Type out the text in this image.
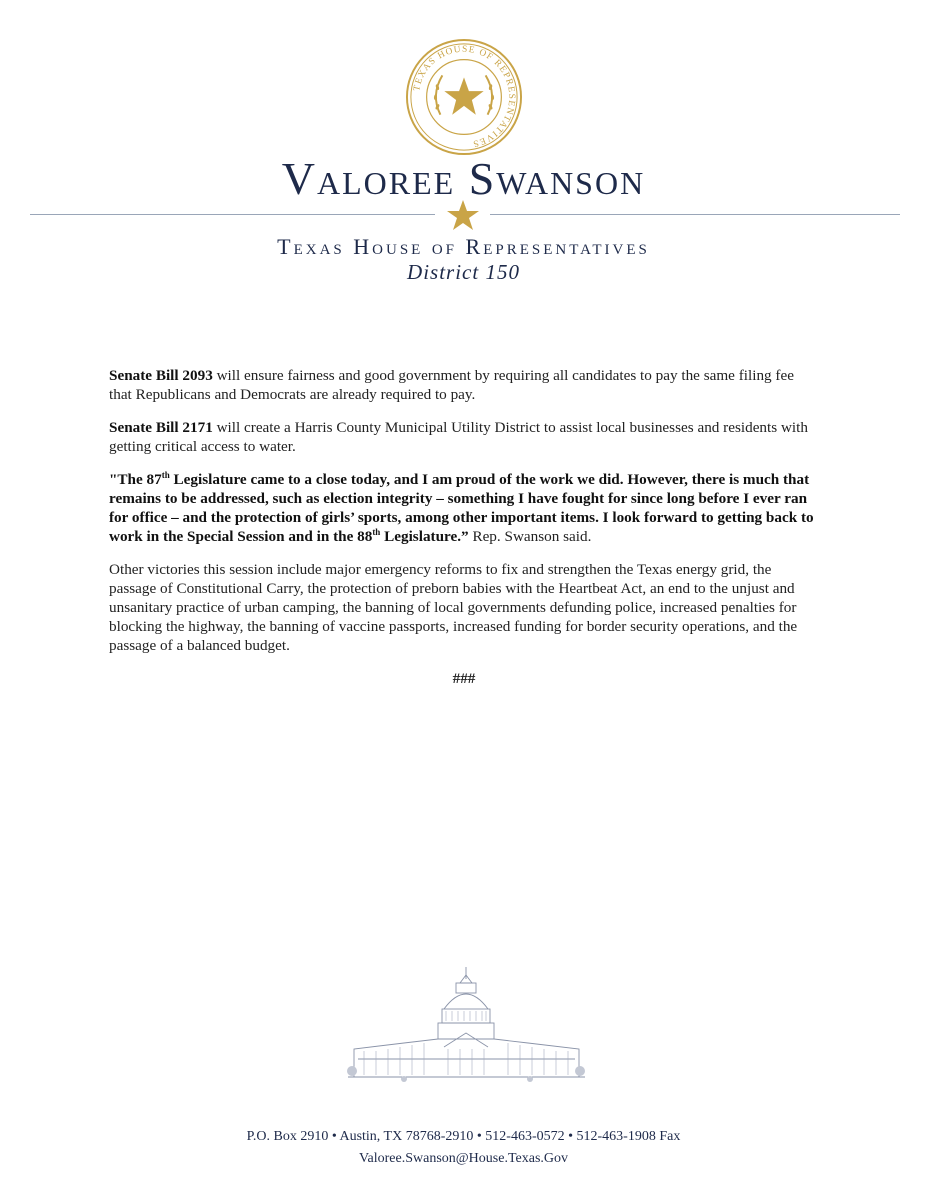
TEXAS HOUSE OF REPRESENTATIVES
Valoree Swanson
Texas House of Representatives
District 150

Senate Bill 2093 will ensure fairness and good government by requiring all candidates to pay the same filing fee that Republicans and Democrats are already required to pay.

Senate Bill 2171 will create a Harris County Municipal Utility District to assist local businesses and residents with getting critical access to water.

"The 87th Legislature came to a close today, and I am proud of the work we did. However, there is much that remains to be addressed, such as election integrity – something I have fought for since long before I ever ran for office – and the protection of girls’ sports, among other important items. I look forward to getting back to work in the Special Session and in the 88th Legislature.” Rep. Swanson said.

Other victories this session include major emergency reforms to fix and strengthen the Texas energy grid, the passage of Constitutional Carry, the protection of preborn babies with the Heartbeat Act, an end to the unjust and unsanitary practice of urban camping, the banning of local governments defunding police, increased penalties for blocking the highway, the banning of vaccine passports, increased funding for border security operations, and the passage of a balanced budget.

###

P.O. Box 2910 • Austin, TX 78768-2910 • 512-463-0572 • 512-463-1908 Fax
Valoree.Swanson@House.Texas.Gov
